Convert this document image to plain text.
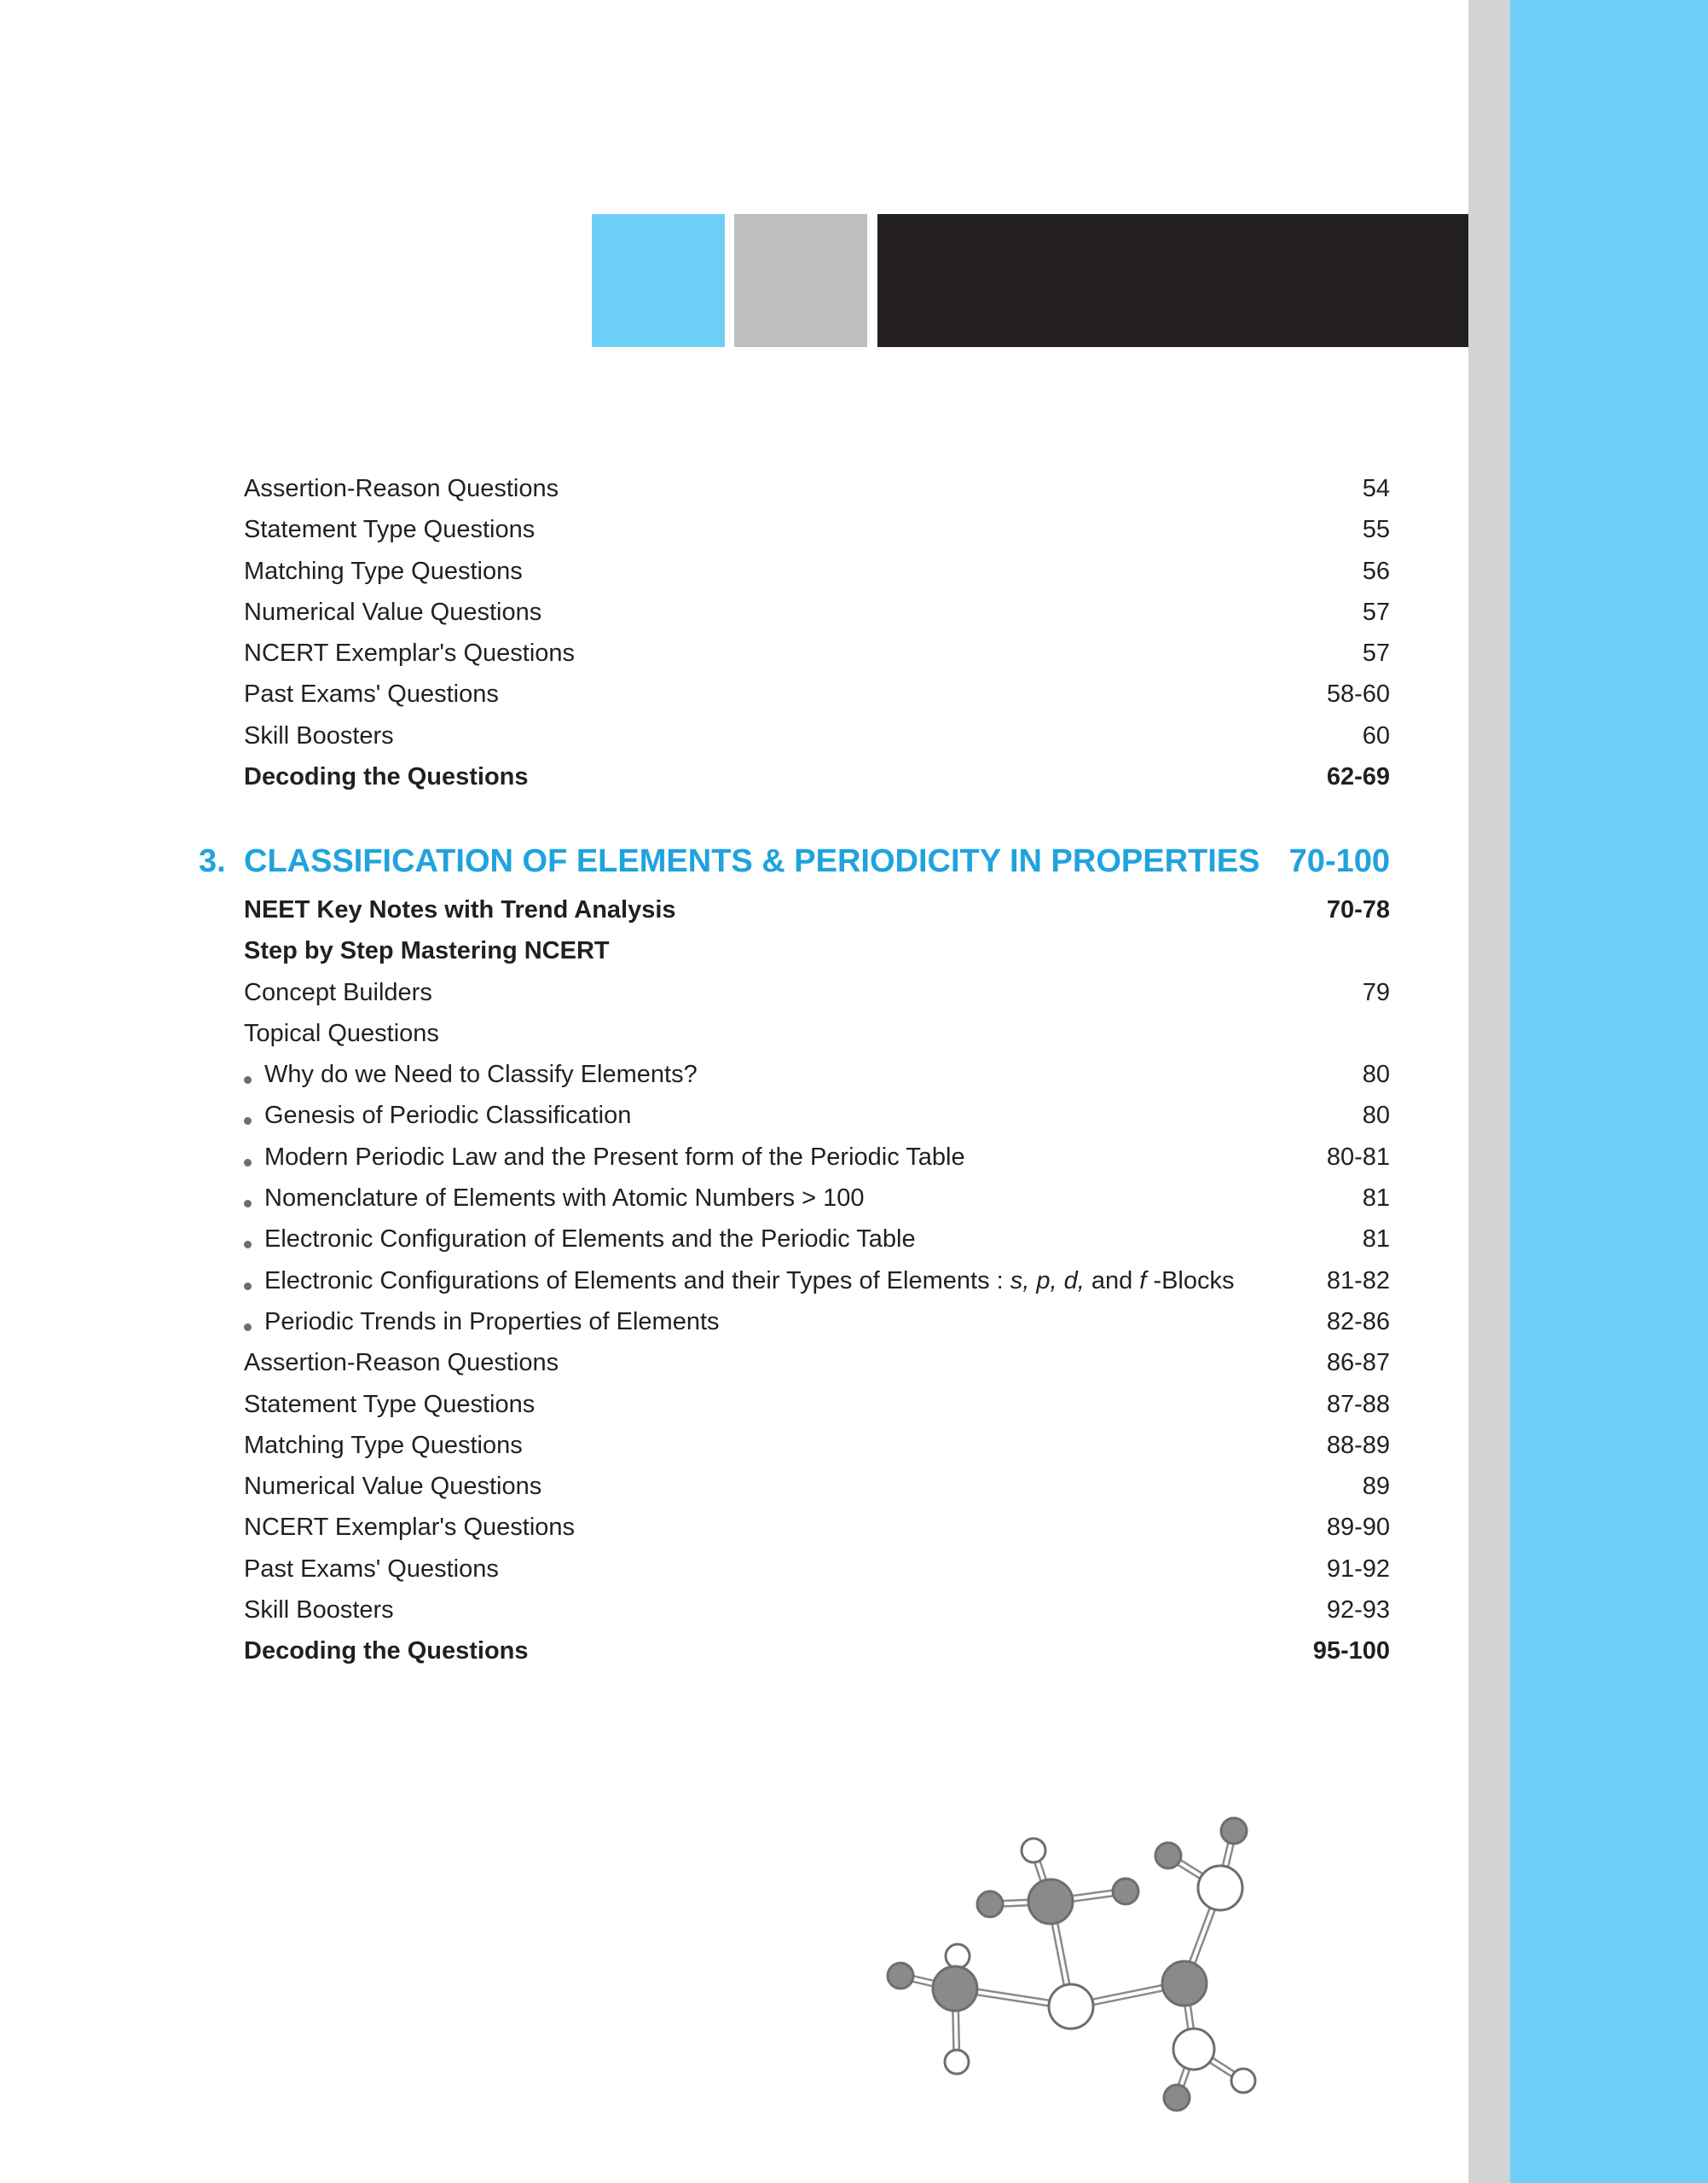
Assertion-Reason Questions	54
Statement Type Questions	55
Matching Type Questions	56
Numerical Value Questions	57
NCERT Exemplar's Questions	57
Past Exams' Questions	58-60
Skill Boosters	60
Decoding the Questions	62-69
3. CLASSIFICATION OF ELEMENTS & PERIODICITY IN PROPERTIES 70-100
NEET Key Notes with Trend Analysis	70-78
Step by Step Mastering NCERT
Concept Builders	79
Topical Questions
Why do we Need to Classify Elements?	80
Genesis of Periodic Classification	80
Modern Periodic Law and the Present form of the Periodic Table	80-81
Nomenclature of Elements with Atomic Numbers > 100	81
Electronic Configuration of Elements and the Periodic Table	81
Electronic Configurations of Elements and their Types of Elements : s, p, d, and f -Blocks	81-82
Periodic Trends in Properties of Elements	82-86
Assertion-Reason Questions	86-87
Statement Type Questions	87-88
Matching Type Questions	88-89
Numerical Value Questions	89
NCERT Exemplar's Questions	89-90
Past Exams' Questions	91-92
Skill Boosters	92-93
Decoding the Questions	95-100
